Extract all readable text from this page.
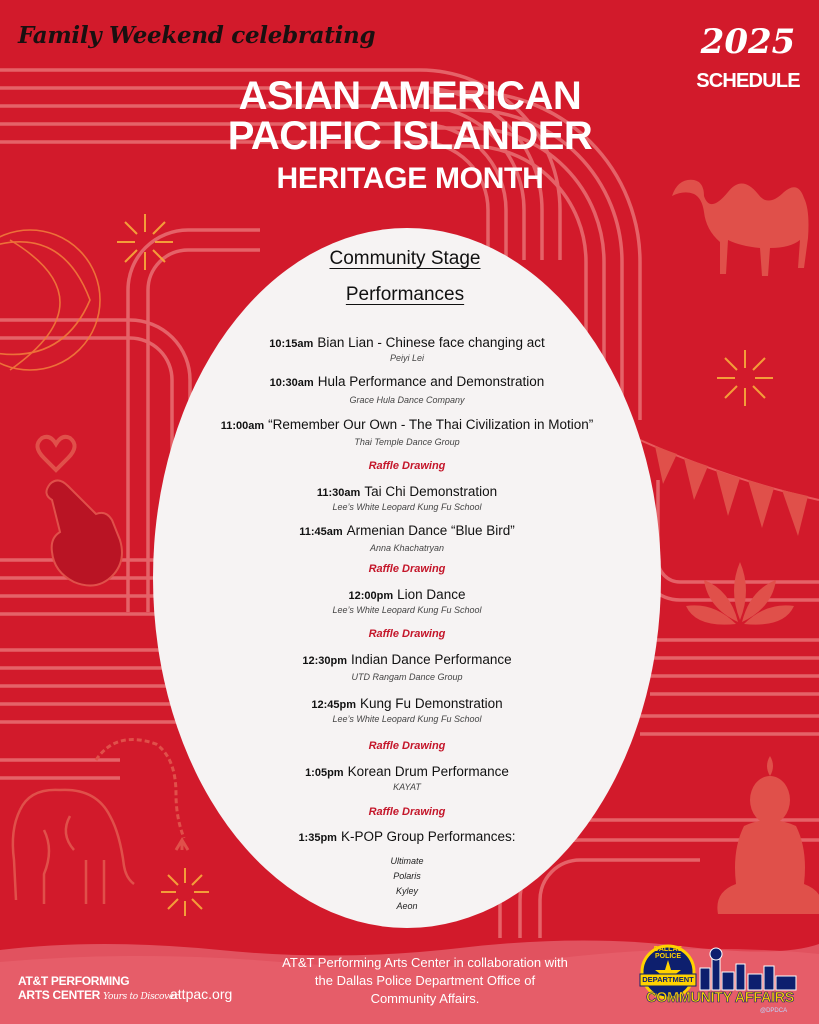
Family Weekend celebrating	2025
SCHEDULE
ASIAN AMERICAN
PACIFIC ISLANDER
HERITAGE MONTH
Community Stage
Performances
10:15am Bian Lian - Chinese face changing act
Peiyi Lei
10:30am Hula Performance and Demonstration
Grace Hula Dance Company
11:00am “Remember Our Own - The Thai Civilization in Motion”
Thai Temple Dance Group
Raffle Drawing
11:30am Tai Chi Demonstration
Lee’s White Leopard Kung Fu School
11:45am Armenian Dance “Blue Bird”
Anna Khachatryan
Raffle Drawing
12:00pm Lion Dance
Lee’s White Leopard Kung Fu School
Raffle Drawing
12:30pm Indian Dance Performance
UTD Rangam Dance Group
12:45pm Kung Fu Demonstration
Lee’s White Leopard Kung Fu School
Raffle Drawing
1:05pm Korean Drum Performance
KAYAT
Raffle Drawing
1:35pm K-POP Group Performances:
Ultimate
Polaris
Kyley
Aeon
AT&T PERFORMING
ARTS CENTER Yours to Discover
attpac.org
AT&T Performing Arts Center in collaboration with
the Dallas Police Department Office of
Community Affairs.
DALLAS POLICE
DEPARTMENT
COMMUNITY AFFAIRS
@DPDCA
